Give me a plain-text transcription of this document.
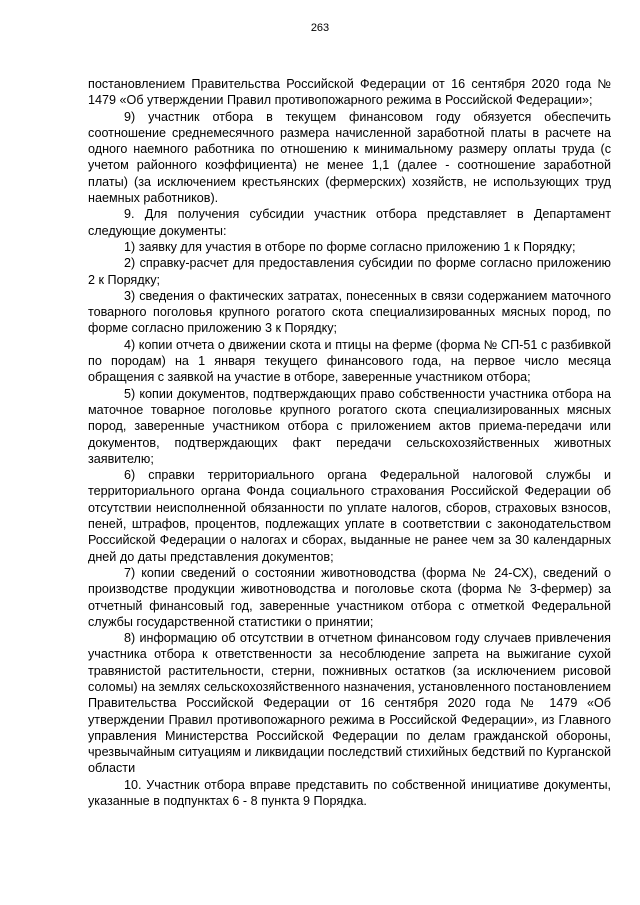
263

постановлением Правительства Российской Федерации от 16 сентября 2020 года № 1479 «Об утверждении Правил противопожарного режима в Российской Федерации»;

9) участник отбора в текущем финансовом году обязуется обеспечить соотношение среднемесячного размера начисленной заработной платы в расчете на одного наемного работника по отношению к минимальному размеру оплаты труда (с учетом районного коэффициента) не менее 1,1 (далее - соотношение заработной платы) (за исключением крестьянских (фермерских) хозяйств, не использующих труд наемных работников).

9. Для получения субсидии участник отбора представляет в Департамент следующие документы:

1) заявку для участия в отборе по форме согласно приложению 1 к Порядку;

2) справку-расчет для предоставления субсидии по форме согласно приложению 2 к Порядку;

3) сведения о фактических затратах, понесенных в связи содержанием маточного товарного поголовья крупного рогатого скота специализированных мясных пород, по форме согласно приложению 3 к Порядку;

4) копии отчета о движении скота и птицы на ферме (форма № СП-51 с разбивкой по породам) на 1 января текущего финансового года, на первое число месяца обращения с заявкой на участие в отборе, заверенные участником отбора;

5) копии документов, подтверждающих право собственности участника отбора на маточное товарное поголовье крупного рогатого скота специализированных мясных пород, заверенные участником отбора с приложением актов приема-передачи или документов, подтверждающих факт передачи сельскохозяйственных животных заявителю;

6) справки территориального органа Федеральной налоговой службы и территориального органа Фонда социального страхования Российской Федерации об отсутствии неисполненной обязанности по уплате налогов, сборов, страховых взносов, пеней, штрафов, процентов, подлежащих уплате в соответствии с законодательством Российской Федерации о налогах и сборах, выданные не ранее чем за 30 календарных дней до даты представления документов;

7) копии сведений о состоянии животноводства (форма № 24-СХ), сведений о производстве продукции животноводства и поголовье скота (форма № 3-фермер) за отчетный финансовый год, заверенные участником отбора с отметкой Федеральной службы государственной статистики о принятии;

8) информацию об отсутствии в отчетном финансовом году случаев привлечения участника отбора к ответственности за несоблюдение запрета на выжигание сухой травянистой растительности, стерни, пожнивных остатков (за исключением рисовой соломы) на землях сельскохозяйственного назначения, установленного постановлением Правительства Российской Федерации от 16 сентября 2020 года № 1479 «Об утверждении Правил противопожарного режима в Российской Федерации», из Главного управления Министерства Российской Федерации по делам гражданской обороны, чрезвычайным ситуациям и ликвидации последствий стихийных бедствий по Курганской области

10. Участник отбора вправе представить по собственной инициативе документы, указанные в подпунктах 6 - 8 пункта 9 Порядка.
